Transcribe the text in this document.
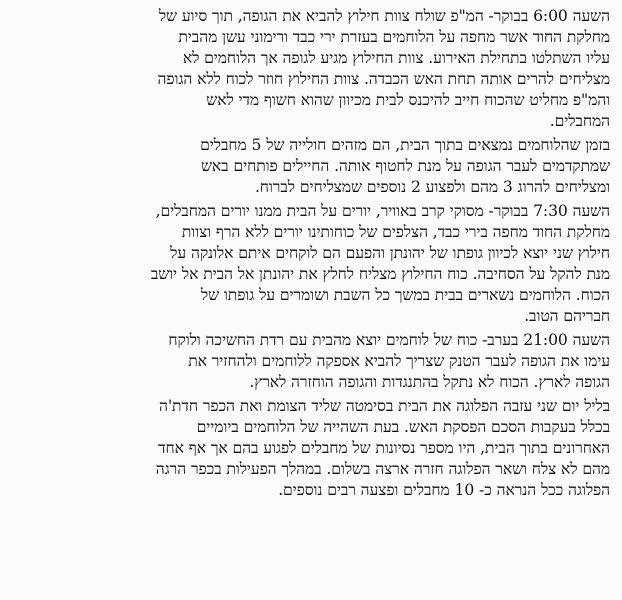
השעה 6:00 בבוקר- המ"פ שולח צוות חילוץ להביא את הגופה, תוך סיוע של
מחלקת החוד אשר מחפה על הלוחמים בעזרת ירי כבד ורימוני עשן מהבית
עליו השתלטו בתחילת האירוע. צוות החילוץ מגיע לגופה אך הלוחמים לא
מצליחים להרים אותה תחת האש הכבדה. צוות החילוץ חוזר לכוח ללא הגופה
והמ"פ מחליט שהכוח חייב להיכנס לבית מכיוון שהוא חשוף מדי לאש
המחבלים.
בזמן שהלוחמים נמצאים בתוך הבית, הם מזהים חולייה של 5 מחבלים
שמתקדמים לעבר הגופה על מנת לחטוף אותה. החיילים פותחים באש
ומצליחים להרוג 3 מהם ולפצוע 2 נוספים שמצליחים לברוח.
השעה 7:30 בבוקר- מסוקי קרב באוויר, יורים על הבית ממנו יורים המחבלים,
מחלקת החוד מחפה בירי כבד, הצלפים של כוחותינו יורים ללא הרף וצוות
חילוץ שני יוצא לכיוון גופתו של יהונתן והפעם הם לוקחים איתם אלונקה על
מנת להקל על הסחיבה. כוח החילוץ מצליח לחלץ את יהונתן אל הבית אל יושב
הכוח. הלוחמים נשארים בבית במשך כל השבת ושומרים על גופתו של
חבריהם הטוב.
השעה 21:00 בערב- כוח של לוחמים יוצא מהבית עם רדת החשיכה ולוקח
עימו את הגופה לעבר הטנק שצריך להביא אספקה ללוחמים ולהחזיר את
הגופה לארץ. הכוח לא נתקל בהתנגדות והגופה הוחזרה לארץ.
בליל יום שני עזבה הפלוגה את הבית בסימטה שליד הצומת ואת הכפר חדת'ה
בכלל בעקבות הסכם הפסקת האש. בעת השהייה של הלוחמים ביומיים
האחרונים בתוך הבית, היו מספר נסיונות של מחבלים לפגוע בהם אך אף אחד
מהם לא צלח ושאר הפלוגה חזרה ארצה בשלום. במהלך הפעילות בכפר הרגה
הפלוגה ככל הנראה כ- 10 מחבלים ופצעה רבים נוספים.
